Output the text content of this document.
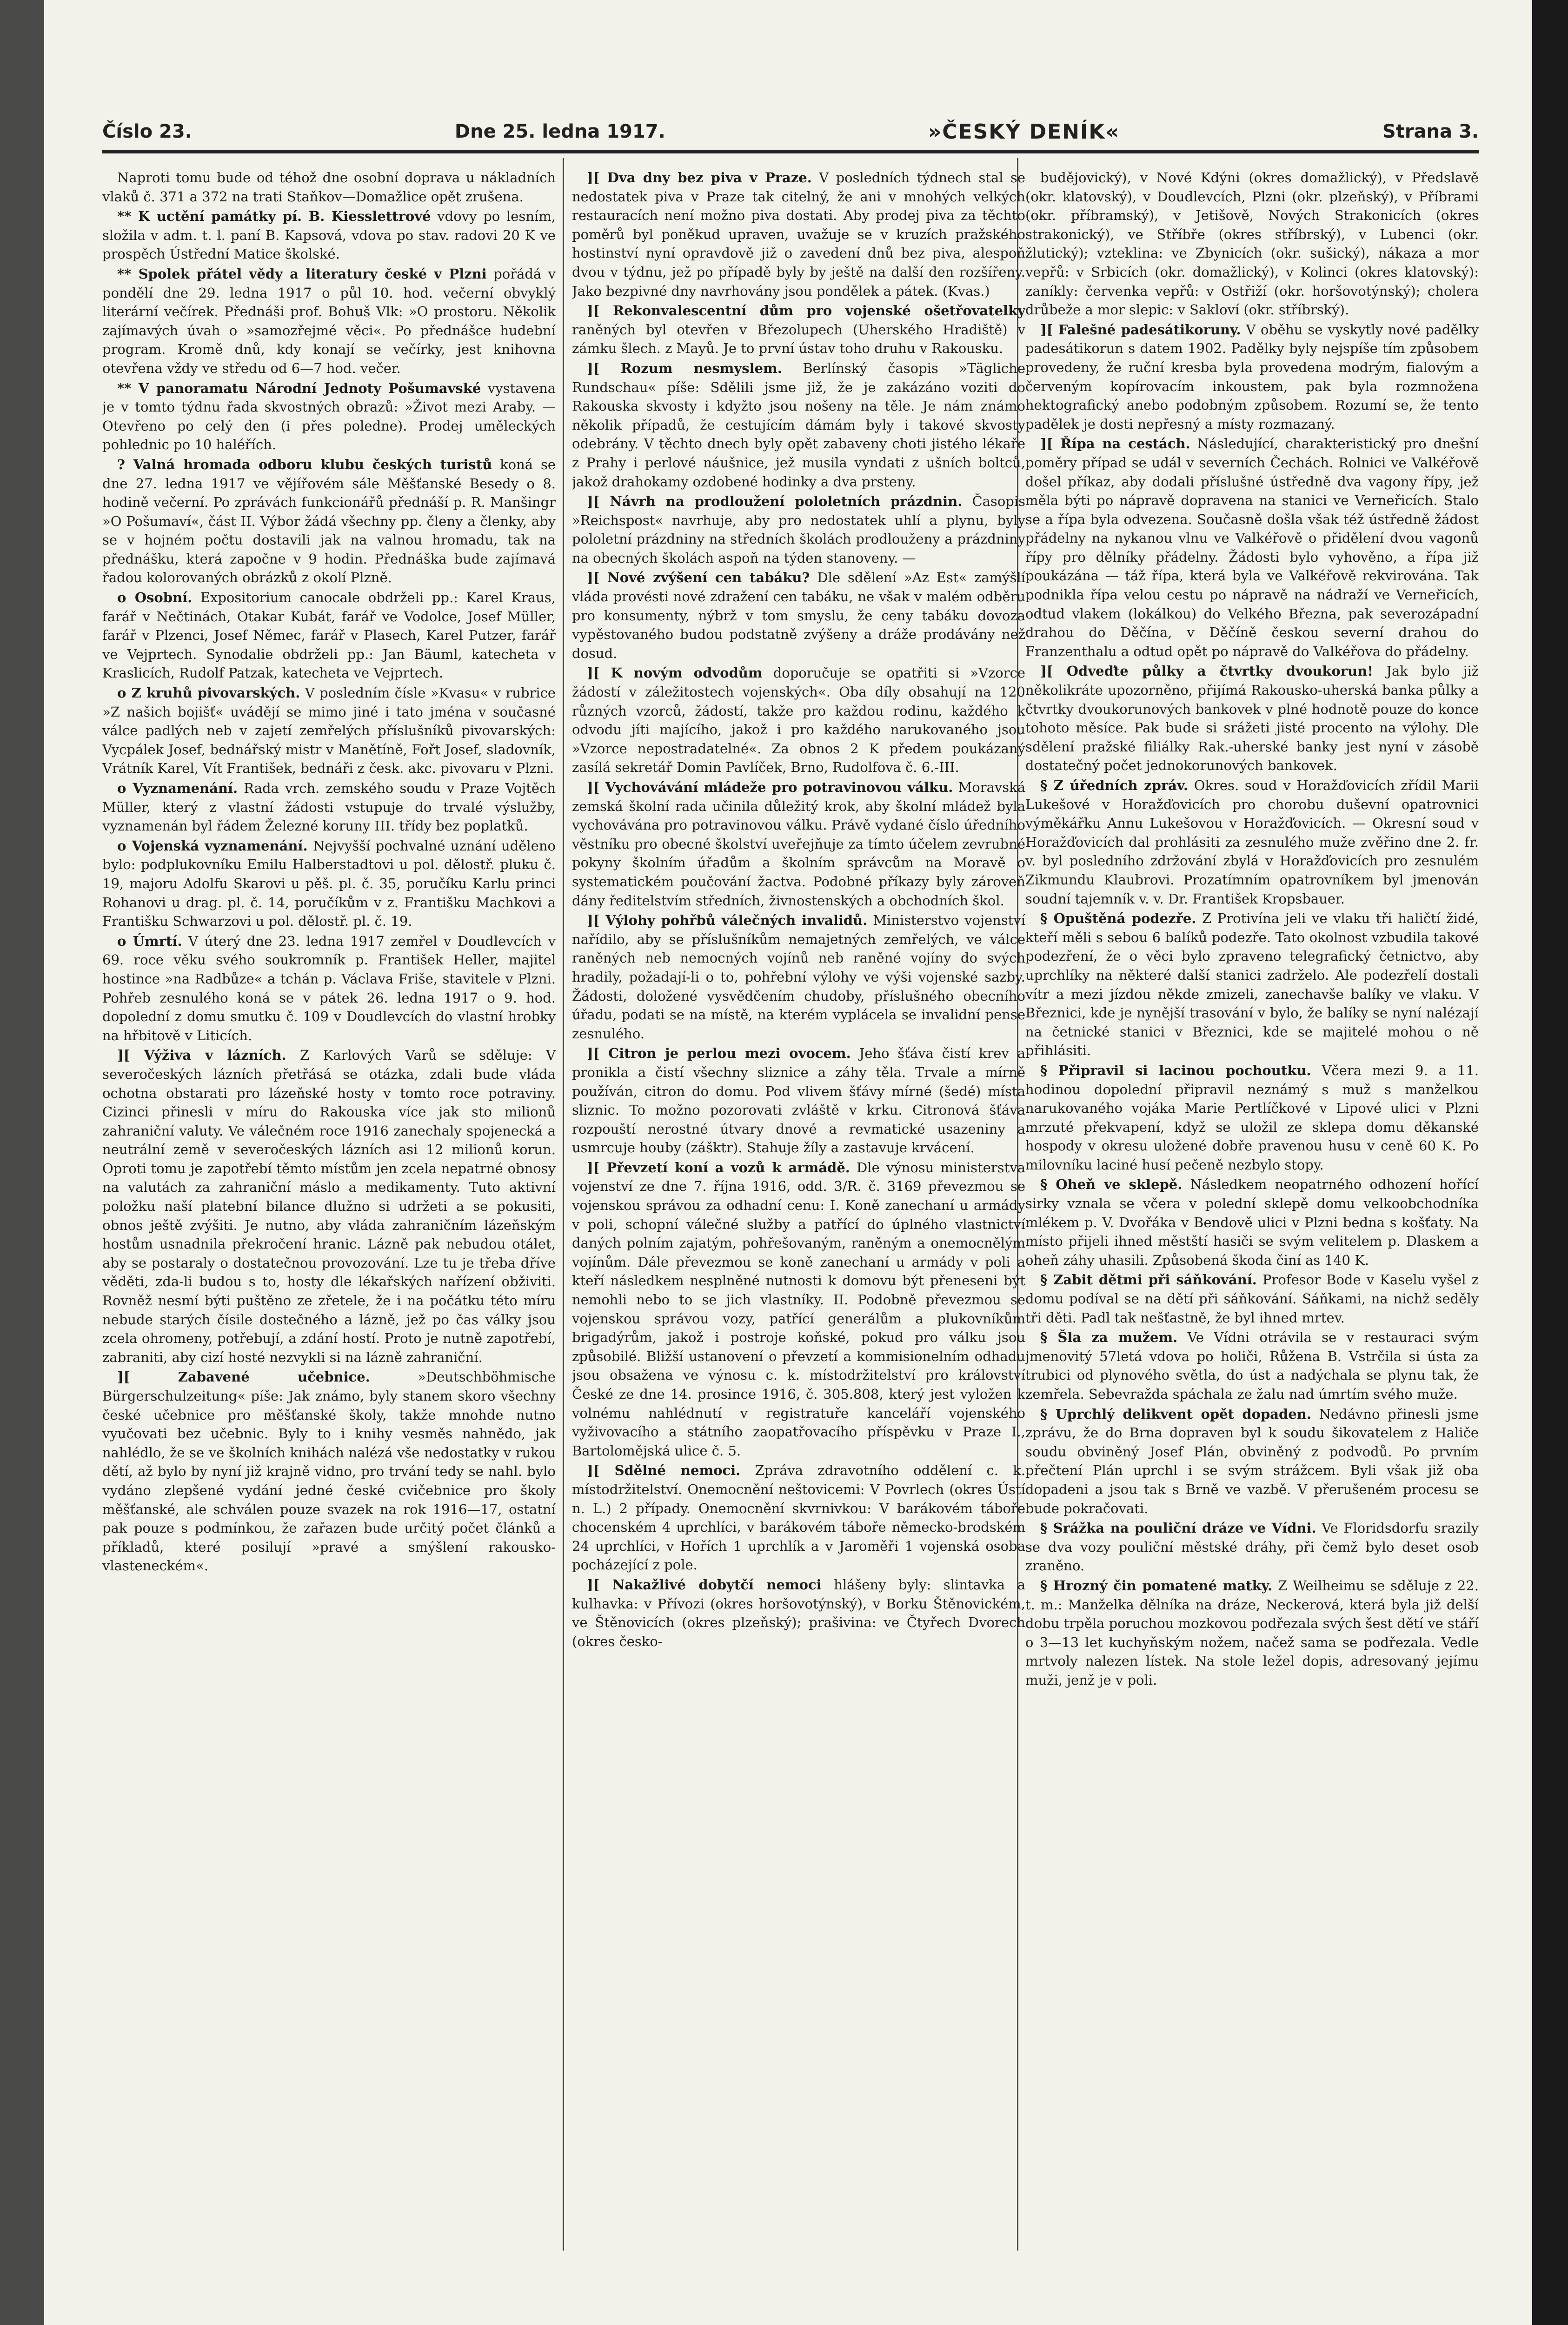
Číslo 23.	Dne 25. ledna 1917.	»ČESKÝ DENÍK«	Strana 3.

Naproti tomu bude od téhož dne osobní doprava u nákladních vlaků č. 371 a 372 na trati Staňkov—Domažlice opět zrušena.

** K uctění památky pí. B. Kiesslettrové vdovy po lesním, složila v adm. t. l. paní B. Kapsová, vdova po stav. radovi 20 K ve prospěch Ústřední Matice školské.

** Spolek přátel vědy a literatury české v Plzni pořádá v pondělí dne 29. ledna 1917 o půl 10. hod. večerní obvyklý literární večírek. Přednáši prof. Bohuš Vlk: »O prostoru. Několik zajímavých úvah o »samozřejmé věci«. Po přednášce hudební program. Kromě dnů, kdy konají se večírky, jest knihovna otevřena vždy ve středu od 6—7 hod. večer.

** V panoramatu Národní Jednoty Pošumavské vystavena je v tomto týdnu řada skvostných obrazů: »Život mezi Araby. — Otevřeno po celý den (i přes poledne). Prodej uměleckých pohlednic po 10 haléřích.

? Valná hromada odboru klubu českých turistů koná se dne 27. ledna 1917 ve vějířovém sále Měšťanské Besedy o 8. hodině večerní. Po zprávách funkcionářů přednáší p. R. Manšingr »O Pošumaví«, část II. Výbor žádá všechny pp. členy a členky, aby se v hojném počtu dostavili jak na valnou hromadu, tak na přednášku, která započne v 9 hodin. Přednáška bude zajímavá řadou kolorovaných obrázků z okolí Plzně.

o Osobní. Expositorium canocale obdrželi pp.: Karel Kraus, farář v Nečtinách, Otakar Kubát, farář ve Vodolce, Josef Müller, farář v Plzenci, Josef Němec, farář v Plasech, Karel Putzer, farář ve Vejprtech. Synodalie obdrželi pp.: Jan Bäuml, katecheta v Kraslicích, Rudolf Patzak, katecheta ve Vejprtech.

o Z kruhů pivovarských. V posledním čísle »Kvasu« v rubrice »Z našich bojišť« uvádějí se mimo jiné i tato jména v současné válce padlých neb v zajetí zemřelých příslušníků pivovarských: Vycpálek Josef, bednářský mistr v Manětíně, Fořt Josef, sladovník, Vrátník Karel, Vít František, bednáři z česk. akc. pivovaru v Plzni.

o Vyznamenání. Rada vrch. zemského soudu v Praze Vojtěch Müller, který z vlastní žádosti vstupuje do trvalé výslužby, vyznamenán byl řádem Železné koruny III. třídy bez poplatků.

o Vojenská vyznamenání. Nejvyšší pochvalné uznání uděleno bylo: podplukovníku Emilu Halberstadtovi u pol. dělostř. pluku č. 19, majoru Adolfu Skarovi u pěš. pl. č. 35, poručíku Karlu princi Rohanovi u drag. pl. č. 14, poručíkům v z. Františku Machkovi a Františku Schwarzovi u pol. dělostř. pl. č. 19.

o Úmrtí. V úterý dne 23. ledna 1917 zemřel v Doudlevcích v 69. roce věku svého soukromník p. František Heller, majitel hostince »na Radbůze« a tchán p. Václava Friše, stavitele v Plzni. Pohřeb zesnulého koná se v pátek 26. ledna 1917 o 9. hod. dopolední z domu smutku č. 109 v Doudlevcích do vlastní hrobky na hřbitově v Liticích.

][ Výživa v lázních. Z Karlových Varů se sděluje: V severočeských lázních přetřásá se otázka, zdali bude vláda ochotna obstarati pro lázeňské hosty v tomto roce potraviny. Cizinci přinesli v míru do Rakouska více jak sto milionů zahraniční valuty. Ve válečném roce 1916 zanechaly spojenecká a neutrální země v severočeských lázních asi 12 milionů korun. Oproti tomu je zapotřebí těmto místům jen zcela nepatrné obnosy na valutách za zahraniční máslo a medikamenty. Tuto aktivní položku naší platební bilance dlužno si udržeti a se pokusiti, obnos ještě zvýšiti. Je nutno, aby vláda zahraničním lázeňským hostům usnadnila překročení hranic. Lázně pak nebudou otálet, aby se postaraly o dostatečnou provozování. Lze tu je třeba dříve věděti, zda-li budou s to, hosty dle lékařských nařízení obživiti. Rovněž nesmí býti puštěno ze zřetele, že i na počátku této míru nebude starých čísile dostečného a lázně, jež po čas války jsou zcela ohromeny, potřebují, a zdání hostí. Proto je nutně zapotřebí, zabraniti, aby cizí hosté nezvykli si na lázně zahraniční.

][ Zabavené učebnice.	»Deutschböhmische Bürgerschulzeitung« píše: Jak známo, byly stanem skoro všechny české učebnice pro měšťanské školy, takže mnohde nutno vyučovati bez učebnic. Byly to i knihy vesměs nahnědo, jak nahlédlo, že se ve školních knihách nalézá vše nedostatky v rukou dětí, až bylo by nyní již krajně vidno, pro trvání tedy se nahl. bylo vydáno zlepšené vydání jedné české cvičebnice pro školy měšťanské, ale schválen pouze svazek na rok 1916—17, ostatní pak pouze s podmínkou, že zařazen bude určitý počet článků a příkladů, které posilují »pravé a smýšlení rakousko-vlasteneckém«.

][ Dva dny bez piva v Praze. V posledních týdnech stal se nedostatek piva v Praze tak citelný, že ani v mnohých velkých restauracích není možno piva dostati. Aby prodej piva za těchto poměrů byl poněkud upraven, uvažuje se v kruzích pražského hostinství nyní opravdově již o zavedení dnů bez piva, alespoň dvou v týdnu, jež po případě byly by ještě na další den rozšířeny. Jako bezpivné dny navrhovány jsou pondělek a pátek. (Kvas.)

][ Rekonvalescentní dům pro vojenské ošetřovatelky raněných byl otevřen v Březolupech (Uherského Hradiště) v zámku šlech. z Mayů. Je to první ústav toho druhu v Rakousku.

][ Rozum nesmyslem. Berlínský časopis »Tägliche Rundschau« píše: Sdělili jsme již, že je zakázáno voziti do Rakouska skvosty i kdyžto jsou nošeny na těle. Je nám známo několik případů, že cestujícím dámám byly i takové skvosty odebrány. V těchto dnech byly opět zabaveny choti jistého lékaře z Prahy i perlové náušnice, jež musila vyndati z ušních boltců, jakož drahokamy ozdobené hodinky a dva prsteny.

][ Návrh na prodloužení pololetních prázdnin. Časopis »Reichspost« navrhuje, aby pro nedostatek uhlí a plynu, byly pololetní prázdniny na středních školách prodlouženy a prázdniny na obecných školách aspoň na týden stanoveny. —

][ Nové zvýšení cen tabáku? Dle sdělení »Az Est« zamýšlí vláda provésti nové zdražení cen tabáku, ne však v malém odběru pro konsumenty, nýbrž v tom smyslu, že ceny tabáku dovoza vypěstovaného budou podstatně zvýšeny a dráže prodávány než dosud.

][ K novým odvodům doporučuje se opatřiti si »Vzorce žádostí v záležitostech vojenských«. Oba díly obsahují na 120 různých vzorců, žádostí, takže pro každou rodinu, každého k odvodu jíti majícího, jakož i pro každého narukovaného jsou »Vzorce nepostradatelné«. Za obnos 2 K předem poukázaný zasílá sekretář Domin Pavlíček, Brno, Rudolfova č. 6.-III.

][ Vychovávání mládeže pro potravinovou válku. Moravská zemská školní rada učinila důležitý krok, aby školní mládež byla vychovávána pro potravinovou válku. Právě vydané číslo úředního věstníku pro obecné školství uveřejňuje za tímto účelem zevrubné pokyny školním úřadům a školním správcům na Moravě o systematickém poučování žactva. Podobné příkazy byly zároveň dány ředitelstvím středních, živnostenských a obchodních škol.

][ Výlohy pohřbů válečných invalidů. Ministerstvo vojenství nařídilo, aby se příslušníkům nemajetných zemřelých, ve válce raněných neb nemocných vojínů neb raněné vojíny do svých hradily, požadají-li o to, pohřební výlohy ve výši vojenské sazby. Žádosti, doložené vysvědčením chudoby, příslušného obecního úřadu, podati se na místě, na kterém vyplácela se invalidní pense zesnulého.

][ Citron je perlou mezi ovocem. Jeho šťáva čistí krev a pronikla a čistí všechny sliznice a záhy těla. Trvale a mírně používán, citron do domu. Pod vlivem šťávy mírné (šedé) místa sliznic. To možno pozorovati zvláště v krku. Citronová šťáva rozpouští nerostné útvary dnové a revmatické usazeniny a usmrcuje houby (zášktr). Stahuje žíly a zastavuje krvácení.

][ Převzetí koní a vozů k armádě. Dle výnosu ministerstva vojenství ze dne 7. října 1916, odd. 3/R. č. 3169 převezmou se vojenskou správou za odhadní cenu: I. Koně zanechaní u armády v poli, schopní válečné služby a patřící do úplného vlastnictví daných polním zajatým, pohřešovaným, raněným a onemocnělým vojínům. Dále převezmou se koně zanechaní u armády v poli a kteří následkem nesplněné nutnosti k domovu být přeneseni být nemohli nebo to se jich vlastníky. II. Podobně převezmou se vojenskou správou vozy, patřící generálům a plukovníkům brigadýrům, jakož i postroje koňské, pokud pro válku jsou způsobilé. Bližší ustanovení o převzetí a kommisionelním odhadu jsou obsažena ve výnosu c. k. místodržitelství pro království České ze dne 14. prosince 1916, č. 305.808, který jest vyložen k volnému nahlédnutí v registratuře kanceláří vojenského vyživovacího a státního zaopatřovacího příspěvku v Praze I., Bartolomějská ulice č. 5.

][ Sdělné nemoci. Zpráva zdravotního oddělení c. k. místodržitelství. Onemocnění neštovicemi: V Povrlech (okres Ústí n. L.) 2 případy. Onemocnění skvrnivkou: V barákovém táboře chocenském 4 uprchlíci, v barákovém táboře německo-brodském 24 uprchlíci, v Hořích 1 uprchlík a v Jaroměři 1 vojenská osoba pocházející z pole.

][ Nakažlivé dobytčí nemoci hlášeny byly: slintavka a kulhavka: v Přívozi (okres horšovotýnský), v Borku Štěnovickém, ve Štěnovicích (okres plzeňský); prašivina: ve Čtyřech Dvorech (okres česko-

budějovický), v Nové Kdýni (okres domažlický), v Předslavě (okr. klatovský), v Doudlevcích, Plzni (okr. plzeňský), v Příbrami (okr. příbramský), v Jetišově, Nových Strakonicích (okres strakonický), ve Stříbře (okres stříbrský), v Lubenci (okr. žlutický); vzteklina: ve Zbynicích (okr. sušický), nákaza a mor vepřů: v Srbicích (okr. domažlický), v Kolinci (okres klatovský): zaníkly: červenka vepřů: v Ostřiží (okr. horšovotýnský); cholera drůbeže a mor slepic: v Sakloví (okr. stříbrský).

][ Falešné padesátikoruny. V oběhu se vyskytly nové padělky padesátikorun s datem 1902. Padělky byly nejspíše tím způsobem provedeny, že ruční kresba byla provedena modrým, fialovým a červeným kopírovacím inkoustem, pak byla rozmnožena hektografický anebo podobným způsobem. Rozumí se, že tento padělek je dosti nepřesný a místy rozmazaný.

][ Řípa na cestách. Následující, charakteristický pro dnešní poměry případ se udál v severních Čechách. Rolnici ve Valkéřově došel příkaz, aby dodali příslušné ústředně dva vagony řípy, jež měla býti po nápravě dopravena na stanici ve Verneřicích. Stalo se a řípa byla odvezena. Současně došla však též ústředně žádost přádelny na nykanou vlnu ve Valkéřově o přidělení dvou vagonů řípy pro dělníky přádelny. Žádosti bylo vyhověno, a řípa již poukázána — táž řípa, která byla ve Valkéřově rekvirována. Tak podnikla řípa velou cestu po nápravě na nádraží ve Verneřicích, odtud vlakem (lokálkou) do Velkého Března, pak severozápadní drahou do Děčína, v Děčíně českou severní drahou do Franzenthalu a odtud opět po nápravě do Valkéřova do přádelny.

][ Odveďte půlky a čtvrtky dvoukorun! Jak bylo již několikráte upozorněno, přijímá Rakousko-uherská banka půlky a čtvrtky dvoukorunových bankovek v plné hodnotě pouze do konce tohoto měsíce. Pak bude si srážeti jisté procento na výlohy. Dle sdělení pražské filiálky Rak.-uherské banky jest nyní v zásobě dostatečný počet jednokorunových bankovek.

§ Z úředních zpráv. Okres. soud v Horažďovicích zřídil Marii Lukešové v Horažďovicích pro chorobu duševní opatrovnici výměkářku Annu Lukešovou v Horažďovicích. — Okresní soud v Horažďovicích dal prohlásiti za zesnulého muže zvěřino dne 2. fr. v. byl posledního zdržování zbylá v Horažďovicích pro zesnulém Zikmundu Klaubrovi. Prozatímním opatrovníkem byl jmenován soudní tajemník v. v. Dr. František Kropsbauer.

§ Opuštěná podezře. Z Protivína jeli ve vlaku tři haličtí židé, kteří měli s sebou 6 balíků podezře. Tato okolnost vzbudila takové podezření, že o věci bylo zpraveno telegrafický četnictvo, aby uprchlíky na některé další stanici zadrželo. Ale podezřelí dostali vítr a mezi jízdou někde zmizeli, zanechavše balíky ve vlaku. V Březnici, kde je nynější trasování v bylo, že balíky se nyní nalézají na četnické stanici v Březnici, kde se majitelé mohou o ně přihlásiti.

§ Připravil si lacinou pochoutku. Včera mezi 9. a 11. hodinou dopolední připravil neznámý s muž s manželkou narukovaného vojáka Marie Pertlíčkové v Lipové ulici v Plzni mrzuté překvapení, když se uložil ze sklepa domu děkanské hospody v okresu uložené dobře pravenou husu v ceně 60 K. Po milovníku laciné husí pečeně nezbylo stopy.

§ Oheň ve sklepě. Následkem neopatrného odhození hořící sirky vznala se včera v polední sklepě domu velkoobchodníka mlékem p. V. Dvořáka v Bendově ulici v Plzni bedna s košťaty. Na místo přijeli ihned městští hasiči se svým velitelem p. Dlaskem a oheň záhy uhasili. Způsobená škoda činí as 140 K.

§ Zabit dětmi při sáňkování. Profesor Bode v Kaselu vyšel z domu podíval se na dětí při sáňkování. Sáňkami, na nichž seděly tři děti. Padl tak nešťastně, že byl ihned mrtev.

§ Šla za mužem. Ve Vídni otrávila se v restauraci svým jmenovitý 57letá vdova po holiči, Růžena B. Vstrčila si ústa za trubici od plynového světla, do úst a nadýchala se plynu tak, že zemřela. Sebevražda spáchala ze žalu nad úmrtím svého muže.

§ Uprchlý delikvent opět dopaden. Nedávno přinesli jsme zprávu, že do Brna dopraven byl k soudu šikovatelem z Haliče soudu obviněný Josef Plán, obviněný z podvodů. Po prvním přečtení Plán uprchl i se svým strážcem. Byli však již oba dopadeni a jsou tak s Brně ve vazbě. V přerušeném procesu se bude pokračovati.

§ Srážka na pouliční dráze ve Vídni. Ve Floridsdorfu srazily se dva vozy pouliční městské dráhy, při čemž bylo deset osob zraněno.

§ Hrozný čin pomatené matky. Z Weilheimu se sděluje z 22. t. m.: Manželka dělníka na dráze, Neckerová, která byla již delší dobu trpěla poruchou mozkovou podřezala svých šest dětí ve stáří o 3—13 let kuchyňským nožem, načež sama se podřezala. Vedle mrtvoly nalezen lístek. Na stole ležel dopis, adresovaný jejímu muži, jenž je v poli.
